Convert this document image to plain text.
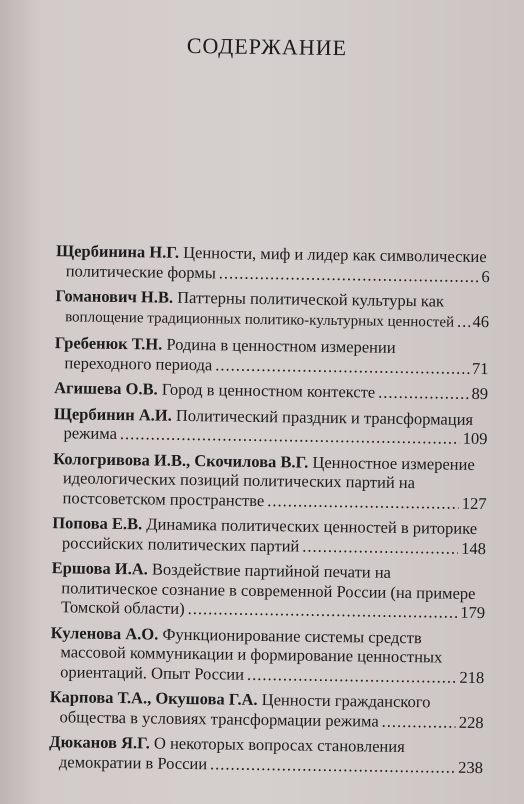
СОДЕРЖАНИЕ
Щербинина Н.Г. Ценности, миф и лидер как символические
политические формы .....	6
Гоманович Н.В. Паттерны политической культуры как
воплощение традиционных политико-культурных ценностей ..... 46
Гребенюк Т.Н. Родина в ценностном измерении
переходного периода .....	71
Агишева О.В. Город в ценностном контексте .....	89
Щербинин А.И. Политический праздник и трансформация
режима .....	109
Кологривова И.В., Скочилова В.Г. Ценностное измерение
идеологических позиций политических партий на
постсоветском пространстве .....	127
Попова Е.В. Динамика политических ценностей в риторике
российских политических партий .....	148
Ершова И.А. Воздействие партийной печати на
политическое сознание в современной России (на примере
Томской области) .....	179
Куленова А.О. Функционирование системы средств
массовой коммуникации и формирование ценностных
ориентаций. Опыт России .....	218
Карпова Т.А., Окушова Г.А. Ценности гражданского
общества в условиях трансформации режима .....	228
Дюканов Я.Г. О некоторых вопросах становления
демократии в России .....	238
